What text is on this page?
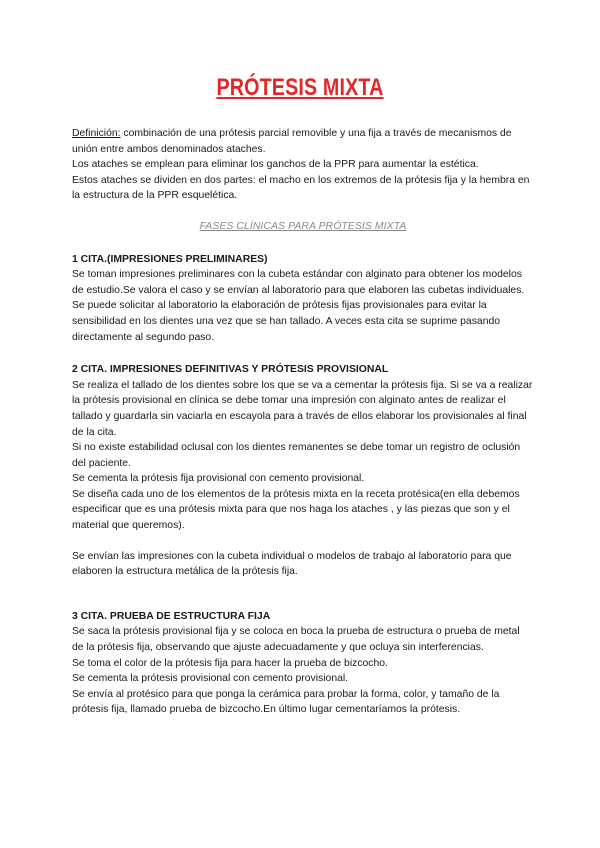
PRÓTESIS MIXTA

Definición: combinación de una prótesis parcial removible y una fija a través de mecanismos de unión entre ambos denominados ataches.

Los ataches se emplean para eliminar los ganchos de la PPR para aumentar la estética.

Estos ataches se dividen en dos partes: el macho en los extremos de la prótesis fija y la hembra en la estructura de la PPR esquelética.

FASES CLÍNICAS PARA PRÓTESIS MIXTA

1 CITA.(IMPRESIONES PRELIMINARES)

Se toman impresiones preliminares con la cubeta estándar con alginato para obtener los modelos de estudio.Se valora el caso y se envían al laboratorio para que elaboren las cubetas individuales.

Se puede solicitar al laboratorio la elaboración de prótesis fijas provisionales para evitar la sensibilidad en los dientes una vez que se han tallado. A veces esta cita se suprime pasando directamente al segundo paso.

2 CITA. IMPRESIONES DEFINITIVAS Y PRÓTESIS PROVISIONAL

Se realiza el tallado de los dientes sobre los que se va a cementar la prótesis fija. Si se va a realizar la prótesis provisional en clínica se debe tomar una impresión con alginato antes de realizar el tallado y guardarla sin vaciarla en escayola para a través de ellos elaborar los provisionales al final de la cita.

Si no existe estabilidad oclusal con los dientes remanentes se debe tomar un registro de oclusión del paciente.

Se cementa la prótesis fija provisional con cemento provisional.

Se diseña cada uno de los elementos de la prótesis mixta en la receta protésica(en ella debemos especificar que es una prótesis mixta para que nos haga los ataches , y las piezas que son y el material que queremos).

Se envían las impresiones con la cubeta individual o modelos de trabajo al laboratorio para que elaboren la estructura metálica de la prótesis fija.

3 CITA. PRUEBA DE ESTRUCTURA FIJA

Se saca la prótesis provisional fija y se coloca en boca la prueba de estructura o prueba de metal de la prótesis fija, observando que ajuste adecuadamente y que ocluya sin interferencias.

Se toma el color de la prótesis fija para hacer la prueba de bizcocho.

Se cementa la prótesis provisional con cemento provisional.

Se envía al protésico para que ponga la cerámica para probar la forma, color, y tamaño de la prótesis fija, llamado prueba de bizcocho.En último lugar cementaríamos la prótesis.
